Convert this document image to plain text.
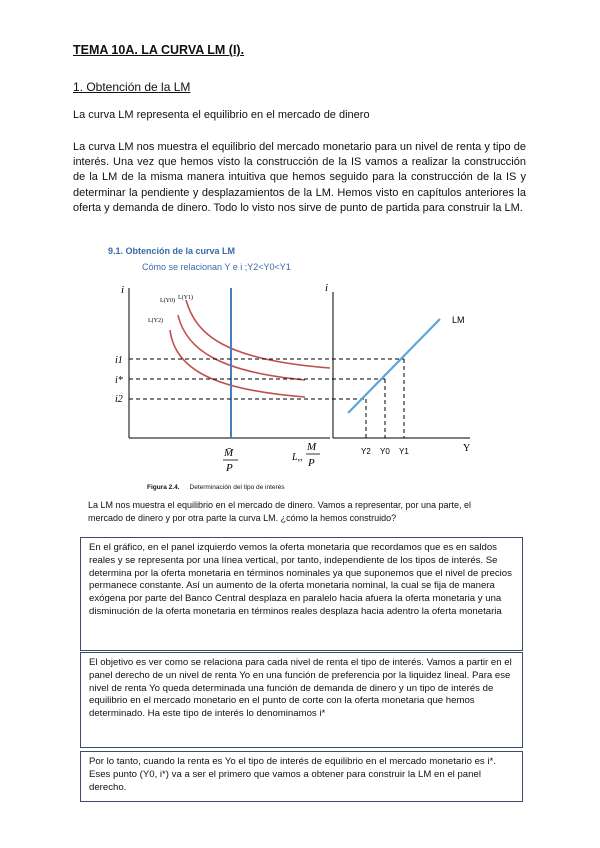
TEMA 10A. LA CURVA LM (I).
1. Obtención de la LM
La curva LM representa el equilibrio en el mercado de dinero
La curva LM nos muestra el equilibrio del mercado monetario para un nivel de renta y tipo de interés. Una vez que hemos visto la construcción de la IS vamos a realizar la construcción de la LM de la misma manera intuitiva que hemos seguido para la construcción de la IS y determinar la pendiente y desplazamientos de la LM. Hemos visto en capítulos anteriores la oferta y demanda de dinero. Todo lo visto nos sirve de punto de partida para construir la LM.
9.1. Obtención de la curva LM
Cómo se relacionan Y e i ;Y2<Y0<Y1
i
L(Y1)
L(Y0)
L(Y2)
M̄
P
L,,
M
P
i1
i*
i2
i
Y
LM
Y2 Y0 Y1
Figura 2.4. Determinación del tipo de interés
La LM nos muestra el equilibrio en el mercado de dinero. Vamos a representar, por una parte, el mercado de dinero y por otra parte la curva LM. ¿cómo la hemos construido?
En el gráfico, en el panel izquierdo vemos la oferta monetaria que recordamos que es en saldos reales y se representa por una línea vertical, por tanto, independiente de los tipos de interés. Se determina por la oferta monetaria en términos nominales ya que suponemos que el nivel de precios permanece constante. Así un aumento de la oferta monetaria nominal, la cual se fija de manera exógena por parte del Banco Central desplaza en paralelo hacia afuera la oferta monetaria y una disminución de la oferta monetaria en términos reales desplaza hacia adentro la oferta monetaria
El objetivo es ver como se relaciona para cada nivel de renta el tipo de interés. Vamos a partir en el panel derecho de un nivel de renta Yo en una función de preferencia por la liquidez lineal. Para ese nivel de renta Yo queda determinada una función de demanda de dinero y un tipo de interés de equilibrio en el mercado monetario en el punto de corte con la oferta monetaria que hemos determinado. Ha este tipo de interés lo denominamos i*
Por lo tanto, cuando la renta es Yo el tipo de interés de equilibrio en el mercado monetario es i*. Eses punto (Y0, i*) va a ser el primero que vamos a obtener para construir la LM en el panel derecho.
